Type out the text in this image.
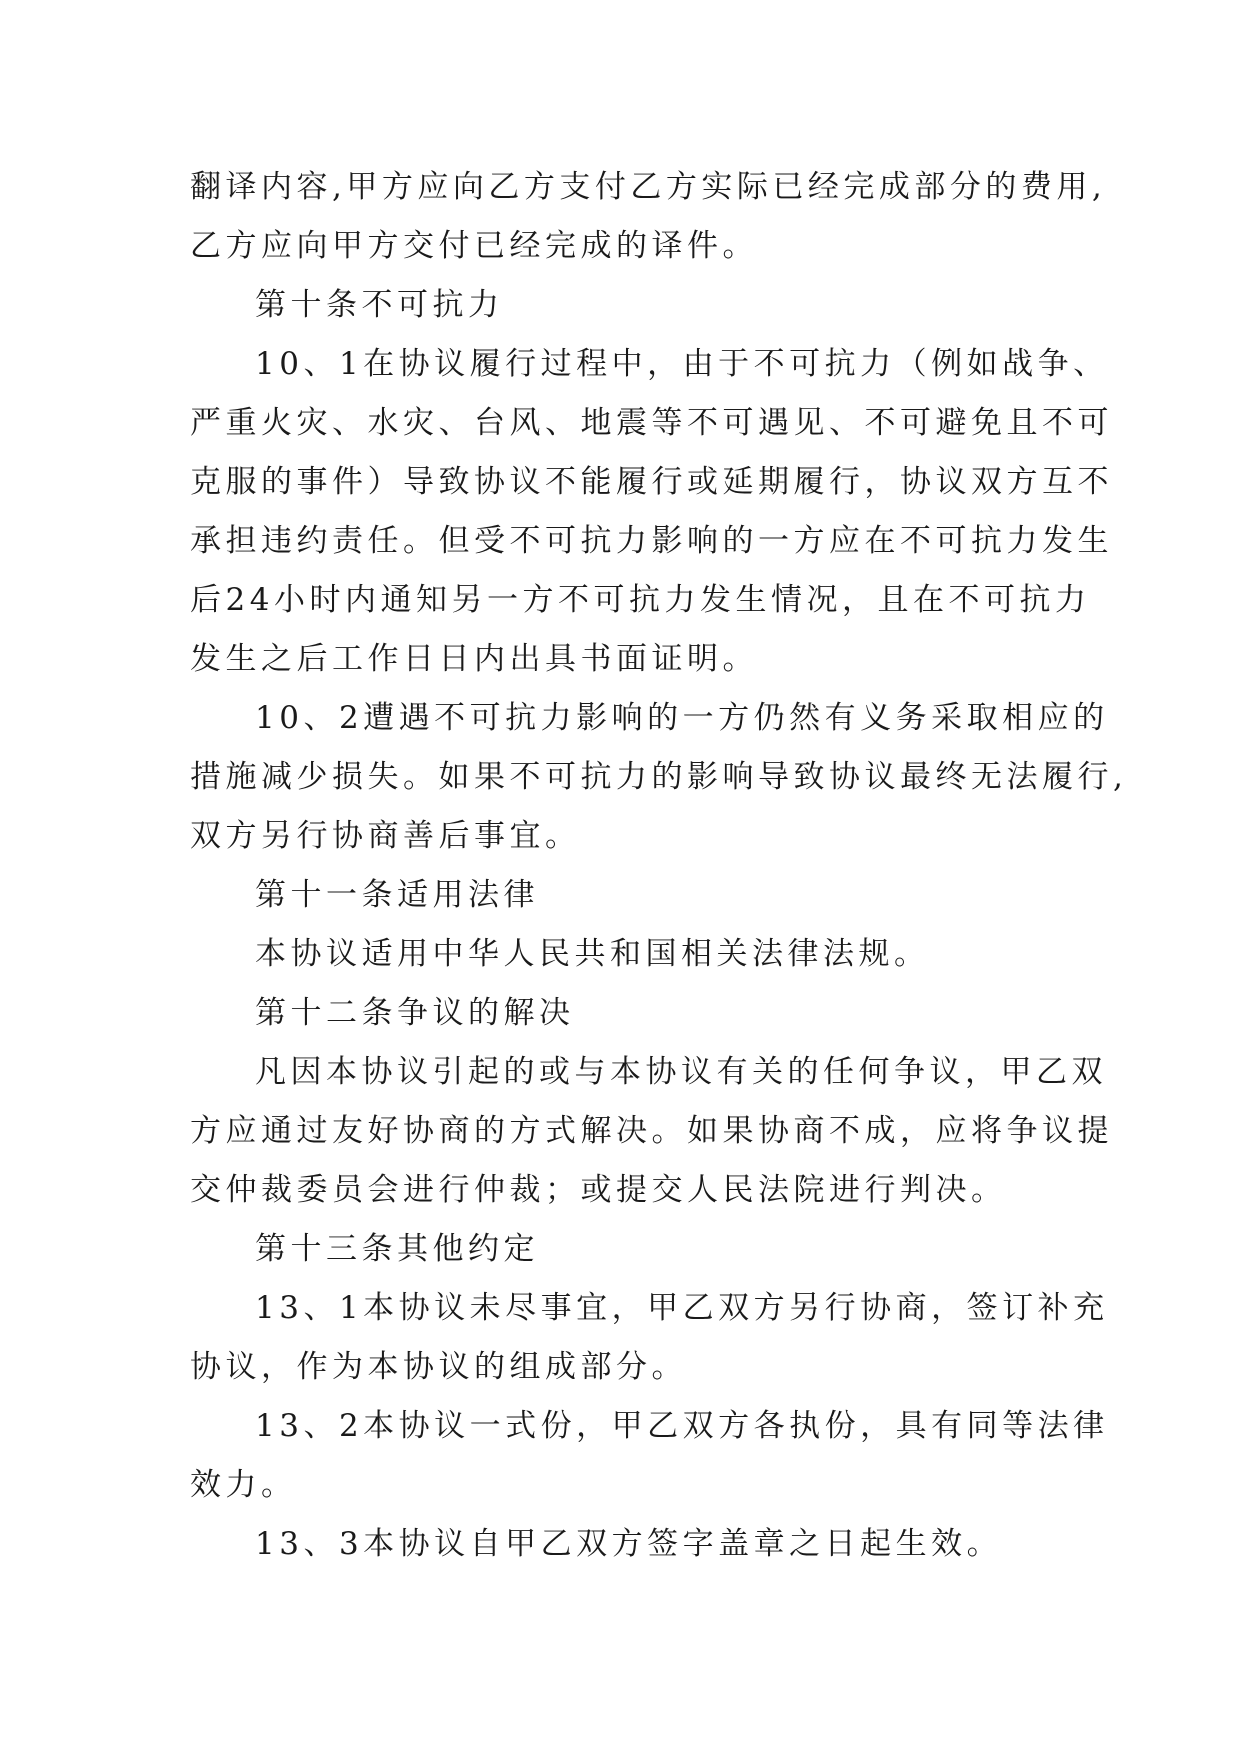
翻译内容,甲方应向乙方支付乙方实际已经完成部分的费用,
乙方应向甲方交付已经完成的译件。
第十条不可抗力
10、1在协议履行过程中，由于不可抗力（例如战争、
严重火灾、水灾、台风、地震等不可遇见、不可避免且不可
克服的事件）导致协议不能履行或延期履行，协议双方互不
承担违约责任。但受不可抗力影响的一方应在不可抗力发生
后24小时内通知另一方不可抗力发生情况，且在不可抗力
发生之后工作日日内出具书面证明。
10、2遭遇不可抗力影响的一方仍然有义务采取相应的
措施减少损失。如果不可抗力的影响导致协议最终无法履行,
双方另行协商善后事宜。
第十一条适用法律
本协议适用中华人民共和国相关法律法规。
第十二条争议的解决
凡因本协议引起的或与本协议有关的任何争议，甲乙双
方应通过友好协商的方式解决。如果协商不成，应将争议提
交仲裁委员会进行仲裁；或提交人民法院进行判决。
第十三条其他约定
13、1本协议未尽事宜，甲乙双方另行协商，签订补充
协议，作为本协议的组成部分。
13、2本协议一式份，甲乙双方各执份，具有同等法律
效力。
13、3本协议自甲乙双方签字盖章之日起生效。
